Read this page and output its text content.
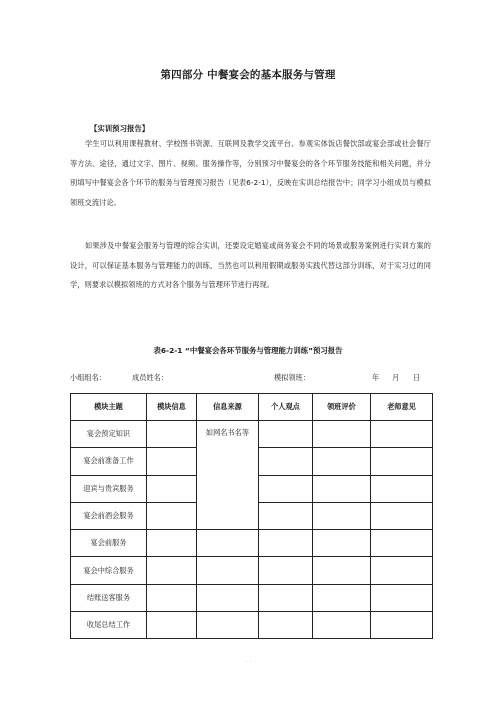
第四部分 中餐宴会的基本服务与管理
【实训预习报告】
学生可以利用课程教材、学校图书资源、互联网及教学交流平台、参观实体饭店餐饮部或宴会部或社会餐厅等方法、途径，通过文字、图片、视频、服务操作等，分别预习中餐宴会的各个环节服务技能和相关问题，并分别填写中餐宴会各个环节的服务与管理预习报告（见表6-2-1），反映在实训总结报告中；同学习小组成员与模拟领班交流讨论。
如果涉及中餐宴会服务与管理的综合实训，还要设定婚宴或商务宴会不同的场景或服务案例进行实训方案的设计，可以保证基本服务与管理能力的训练，当然也可以利用假期或服务实践代替这部分训练，对于实习过的同学，则要求以模拟领班的方式对各个服务与管理环节进行再现。
表6-2-1 “中餐宴会各环节服务与管理能力训练”预习报告
小组组名：	成员姓名：	模拟领班：	年 月 日
模块主题	模块信息	信息来源	个人观点	领班评价	老师意见
宴会预定知识		如网名书名等			
宴会前准备工作					
迎宾与贵宾服务					
宴会前酒会服务					
宴会前服务					
宴会中综合服务					
结账送客服务					
收尾总结工作					
· ·
